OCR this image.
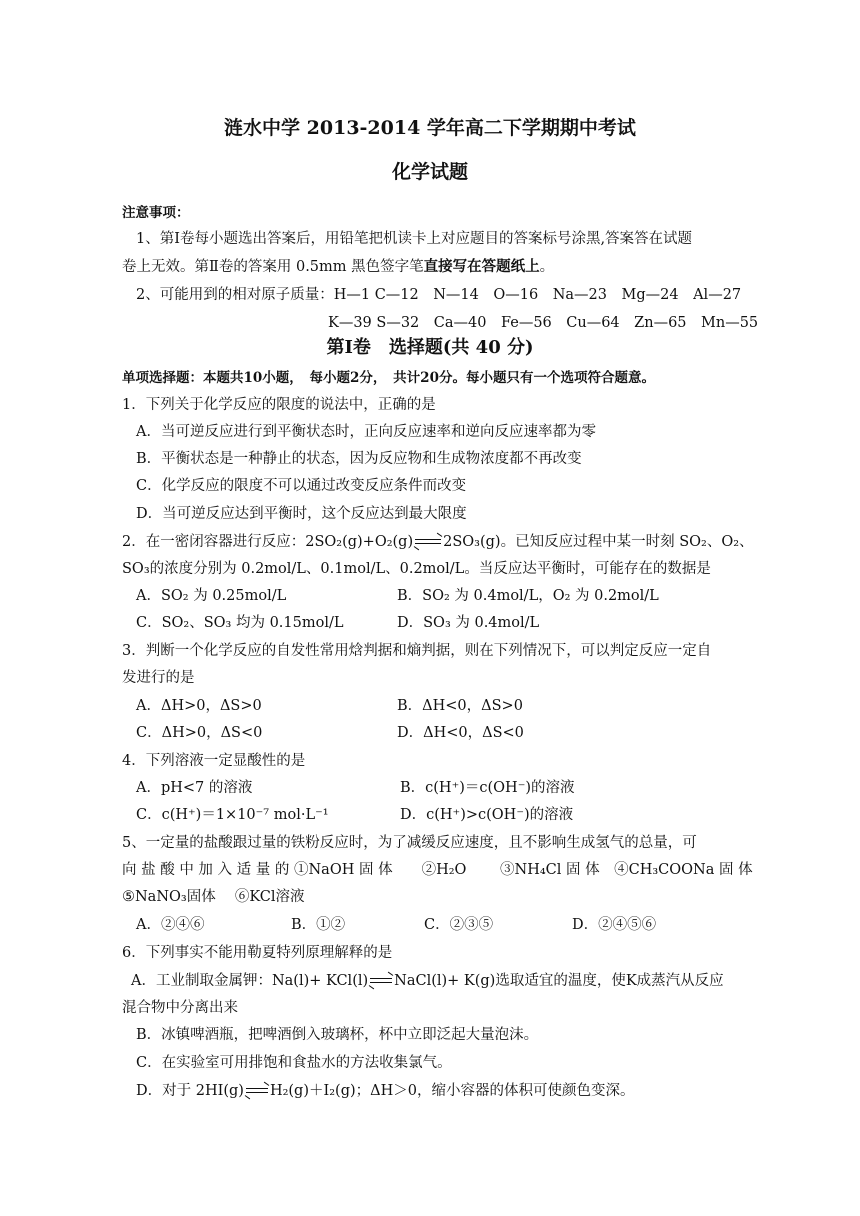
涟水中学 2013-2014 学年高二下学期期中考试
化学试题
注意事项：
1、第Ⅰ卷每小题选出答案后，用铅笔把机读卡上对应题目的答案标号涂黑,答案答在试题
卷上无效。第Ⅱ卷的答案用 0.5mm 黑色签字笔直接写在答题纸上。
2、可能用到的相对原子质量：H—1 C—12　N—14　O—16　Na—23　Mg—24　Al—27
K—39 S—32　Ca—40　Fe—56　Cu—64　Zn—65　Mn—55
第Ⅰ卷　选择题(共 40 分)
单项选择题：本题共10小题，　每小题2分，　共计20分。每小题只有一个选项符合题意。
1．下列关于化学反应的限度的说法中，正确的是
A．当可逆反应进行到平衡状态时，正向反应速率和逆向反应速率都为零
B．平衡状态是一种静止的状态，因为反应物和生成物浓度都不再改变
C．化学反应的限度不可以通过改变反应条件而改变
D．当可逆反应达到平衡时，这个反应达到最大限度
2．在一密闭容器进行反应：2SO₂(g)+O₂(g) 2SO₃(g)。已知反应过程中某一时刻 SO₂、O₂、
SO₃的浓度分别为 0.2mol/L、0.1mol/L、0.2mol/L。当反应达平衡时，可能存在的数据是
A．SO₂ 为 0.25mol/L	B．SO₂ 为 0.4mol/L，O₂ 为 0.2mol/L
C．SO₂、SO₃ 均为 0.15mol/L	D．SO₃ 为 0.4mol/L
3．判断一个化学反应的自发性常用焓判据和熵判据，则在下列情况下，可以判定反应一定自
发进行的是
A．ΔH>0，ΔS>0	B．ΔH<0，ΔS>0
C．ΔH>0，ΔS<0	D．ΔH<0，ΔS<0
4．下列溶液一定显酸性的是
A．pH<7 的溶液	B．c(H⁺)＝c(OH⁻)的溶液
C．c(H⁺)＝1×10⁻⁷ mol·L⁻¹	D．c(H⁺)>c(OH⁻)的溶液
5、一定量的盐酸跟过量的铁粉反应时，为了减缓反应速度，且不影响生成氢气的总量，可
向 盐 酸 中 加 入 适 量 的 ①NaOH 固 体　　②H₂O　　 ③NH₄Cl 固 体　④CH₃COONa 固 体
⑤NaNO₃固体　 ⑥KCl溶液
A．②④⑥	B．①②	C．②③⑤	D．②④⑤⑥
6．下列事实不能用勒夏特列原理解释的是
A．工业制取金属钾：Na(l)+ KCl(l) NaCl(l)+ K(g)选取适宜的温度，使K成蒸汽从反应
混合物中分离出来
B．冰镇啤酒瓶，把啤酒倒入玻璃杯，杯中立即泛起大量泡沫。
C．在实验室可用排饱和食盐水的方法收集氯气。
D．对于 2HI(g) H₂(g)＋I₂(g)；ΔH＞0，缩小容器的体积可使颜色变深。
